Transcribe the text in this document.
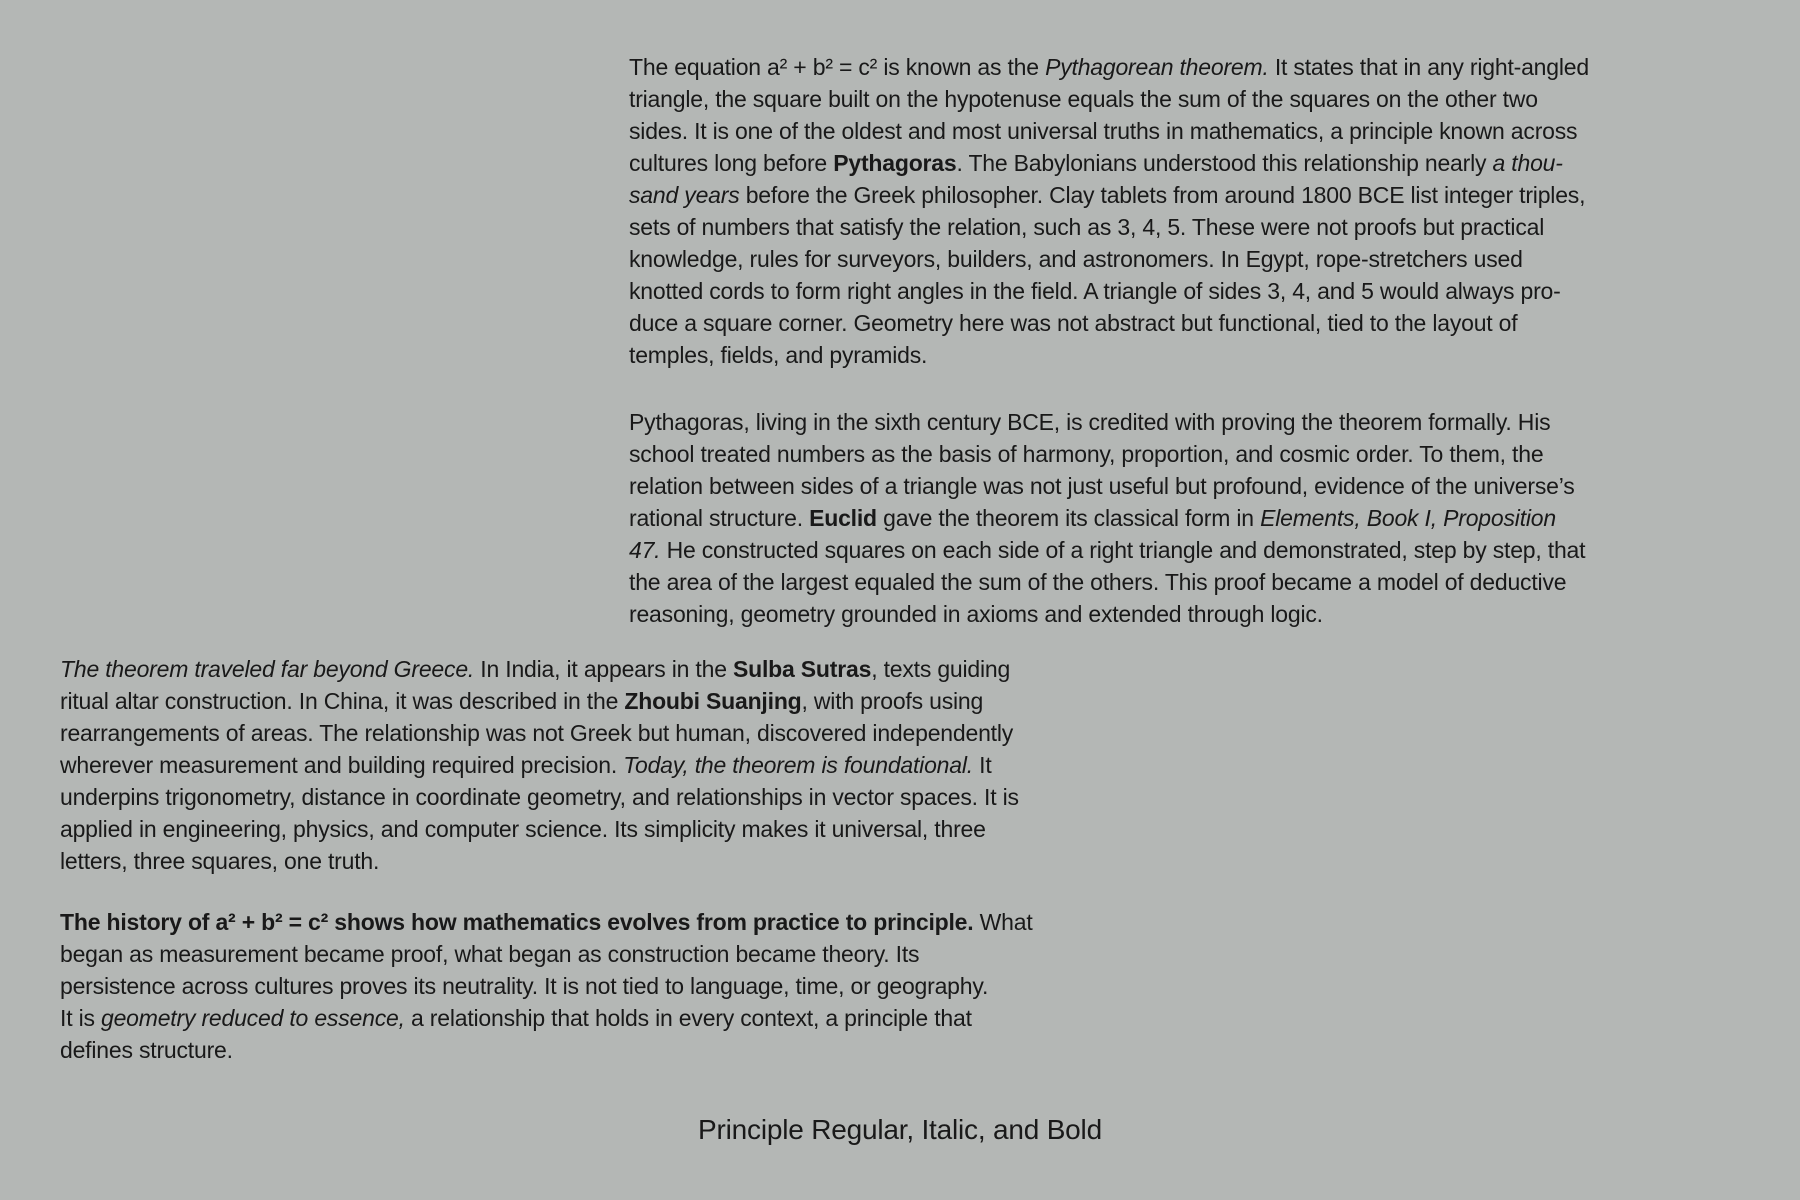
The equation a² + b² = c² is known as the Pythagorean theorem. It states that in any right-angled
triangle, the square built on the hypotenuse equals the sum of the squares on the other two
sides. It is one of the oldest and most universal truths in mathematics, a principle known across
cultures long before Pythagoras. The Babylonians understood this relationship nearly a thou-
sand years before the Greek philosopher. Clay tablets from around 1800 BCE list integer triples,
sets of numbers that satisfy the relation, such as 3, 4, 5. These were not proofs but practical
knowledge, rules for surveyors, builders, and astronomers. In Egypt, rope-stretchers used
knotted cords to form right angles in the field. A triangle of sides 3, 4, and 5 would always pro-
duce a square corner. Geometry here was not abstract but functional, tied to the layout of
temples, fields, and pyramids.
Pythagoras, living in the sixth century BCE, is credited with proving the theorem formally. His
school treated numbers as the basis of harmony, proportion, and cosmic order. To them, the
relation between sides of a triangle was not just useful but profound, evidence of the universe’s
rational structure. Euclid gave the theorem its classical form in Elements, Book I, Proposition
47. He constructed squares on each side of a right triangle and demonstrated, step by step, that
the area of the largest equaled the sum of the others. This proof became a model of deductive
reasoning, geometry grounded in axioms and extended through logic.
The theorem traveled far beyond Greece. In India, it appears in the Sulba Sutras, texts guiding
ritual altar construction. In China, it was described in the Zhoubi Suanjing, with proofs using
rearrangements of areas. The relationship was not Greek but human, discovered independently
wherever measurement and building required precision. Today, the theorem is foundational. It
underpins trigonometry, distance in coordinate geometry, and relationships in vector spaces. It is
applied in engineering, physics, and computer science. Its simplicity makes it universal, three
letters, three squares, one truth.
The history of a² + b² = c² shows how mathematics evolves from practice to principle. What
began as measurement became proof, what began as construction became theory. Its
persistence across cultures proves its neutrality. It is not tied to language, time, or geography.
It is geometry reduced to essence, a relationship that holds in every context, a principle that
defines structure.
Principle Regular, Italic, and Bold
